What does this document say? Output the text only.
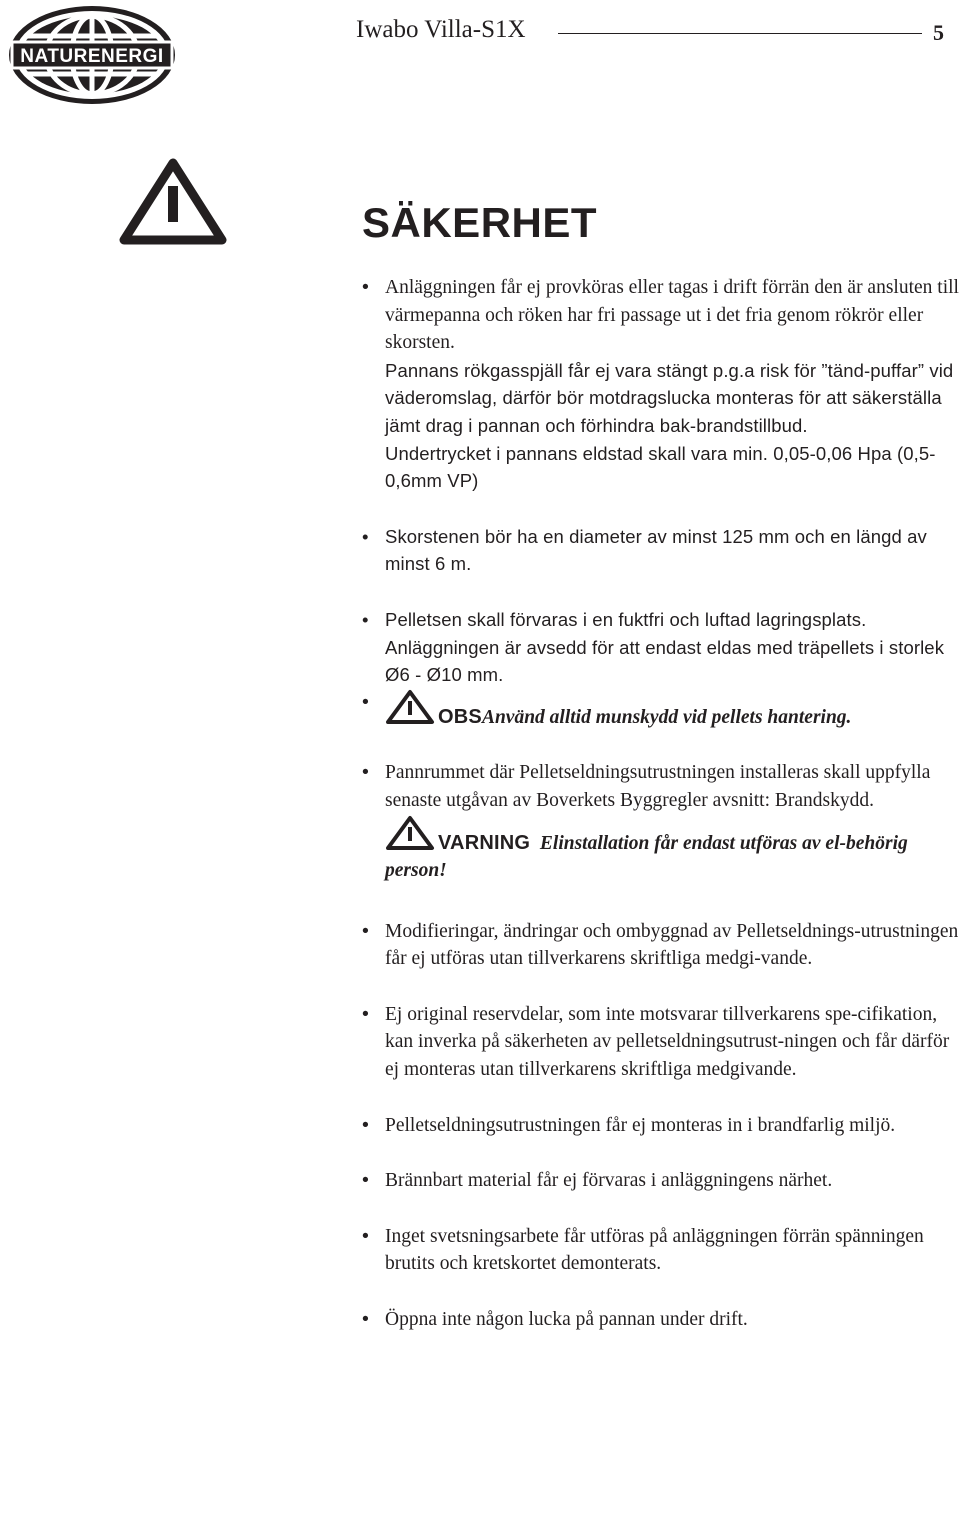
NATURENERGI
Iwabo Villa-S1X	5
SÄKERHET

• Anläggningen får ej provköras eller tagas i drift förrän den är ansluten till värmepanna och röken har fri passage ut i det fria genom rökrör eller skorsten.

Pannans rökgasspjäll får ej vara stängt p.g.a risk för ”tänd-puffar” vid väderomslag, därför bör motdragslucka monteras för att säkerställa jämt drag i pannan och förhindra bak-brandstillbud.

Undertrycket i pannans eldstad skall vara min. 0,05-0,06 Hpa (0,5-0,6mm VP)

• Skorstenen bör ha en diameter av minst 125 mm och en längd av minst 6 m.

• Pelletsen skall förvaras i en fuktfri och luftad lagringsplats. Anläggningen är avsedd för att endast eldas med träpellets i storlek Ø6 - Ø10 mm.

• OBSAnvänd alltid munskydd vid pellets hantering.

• Pannrummet där Pelletseldningsutrustningen installeras skall uppfylla senaste utgåvan av Boverkets Byggregler avsnitt: Brandskydd.

VARNING Elinstallation får endast utföras av el-behörig person!

• Modifieringar, ändringar och ombyggnad av Pelletseldnings-utrustningen får ej utföras utan tillverkarens skriftliga medgi-vande.

• Ej original reservdelar, som inte motsvarar tillverkarens spe-cifikation, kan inverka på säkerheten av pelletseldningsutrust-ningen och får därför ej monteras utan tillverkarens skriftliga medgivande.

• Pelletseldningsutrustningen får ej monteras in i brandfarlig miljö.

• Brännbart material får ej förvaras i anläggningens närhet.

• Inget svetsningsarbete får utföras på anläggningen förrän spänningen brutits och kretskortet demonterats.

• Öppna inte någon lucka på pannan under drift.
